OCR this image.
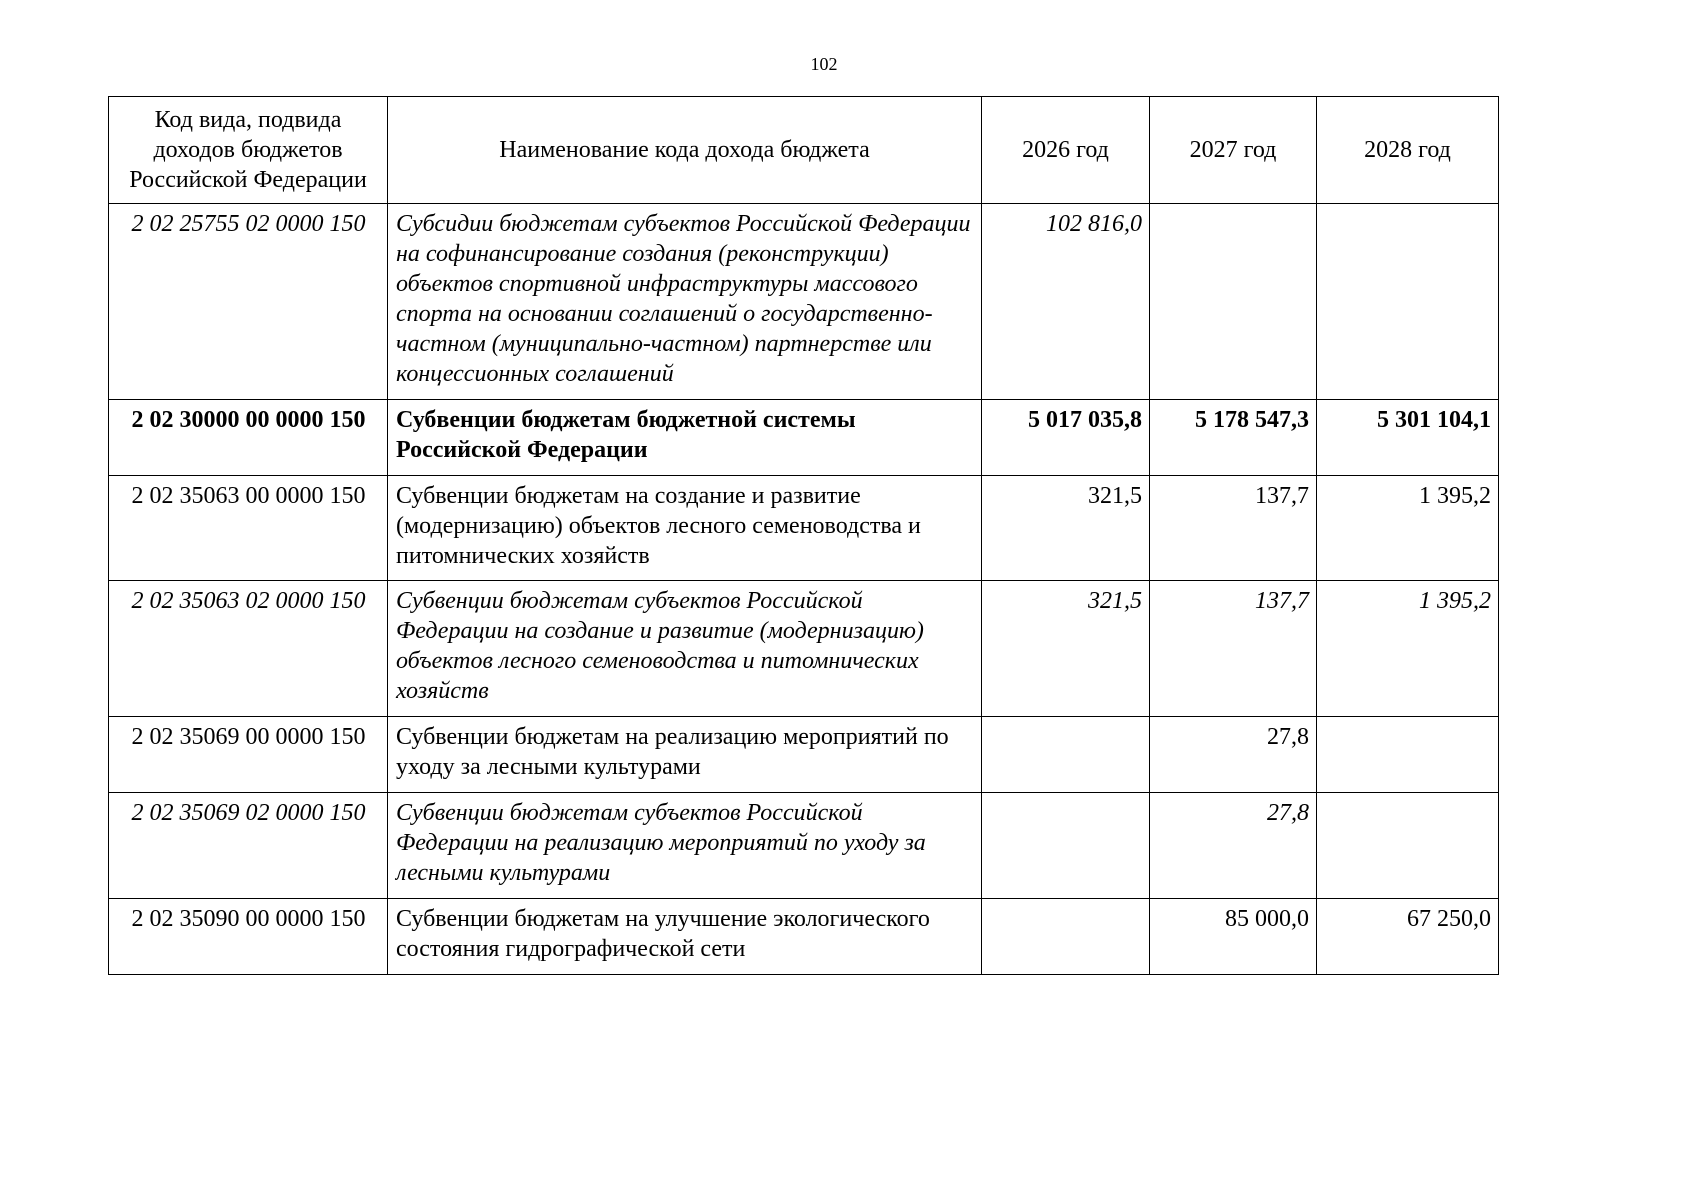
102
Код вида, подвида доходов бюджетов Российской Федерации	Наименование кода дохода бюджета	2026 год	2027 год	2028 год
2 02 25755 02 0000 150	Субсидии бюджетам субъектов Российской Федерации на софинансирование создания (реконструкции) объектов спортивной инфраструктуры массового спорта на основании соглашений о государственно-частном (муниципально-частном) партнерстве или концессионных соглашений	102 816,0		
2 02 30000 00 0000 150	Субвенции бюджетам бюджетной системы Российской Федерации	5 017 035,8	5 178 547,3	5 301 104,1
2 02 35063 00 0000 150	Субвенции бюджетам на создание и развитие (модернизацию) объектов лесного семеноводства и питомнических хозяйств	321,5	137,7	1 395,2
2 02 35063 02 0000 150	Субвенции бюджетам субъектов Российской Федерации на создание и развитие (модернизацию) объектов лесного семеноводства и питомнических хозяйств	321,5	137,7	1 395,2
2 02 35069 00 0000 150	Субвенции бюджетам на реализацию мероприятий по уходу за лесными культурами		27,8	
2 02 35069 02 0000 150	Субвенции бюджетам субъектов Российской Федерации на реализацию мероприятий по уходу за лесными культурами		27,8	
2 02 35090 00 0000 150	Субвенции бюджетам на улучшение экологического состояния гидрографической сети		85 000,0	67 250,0
